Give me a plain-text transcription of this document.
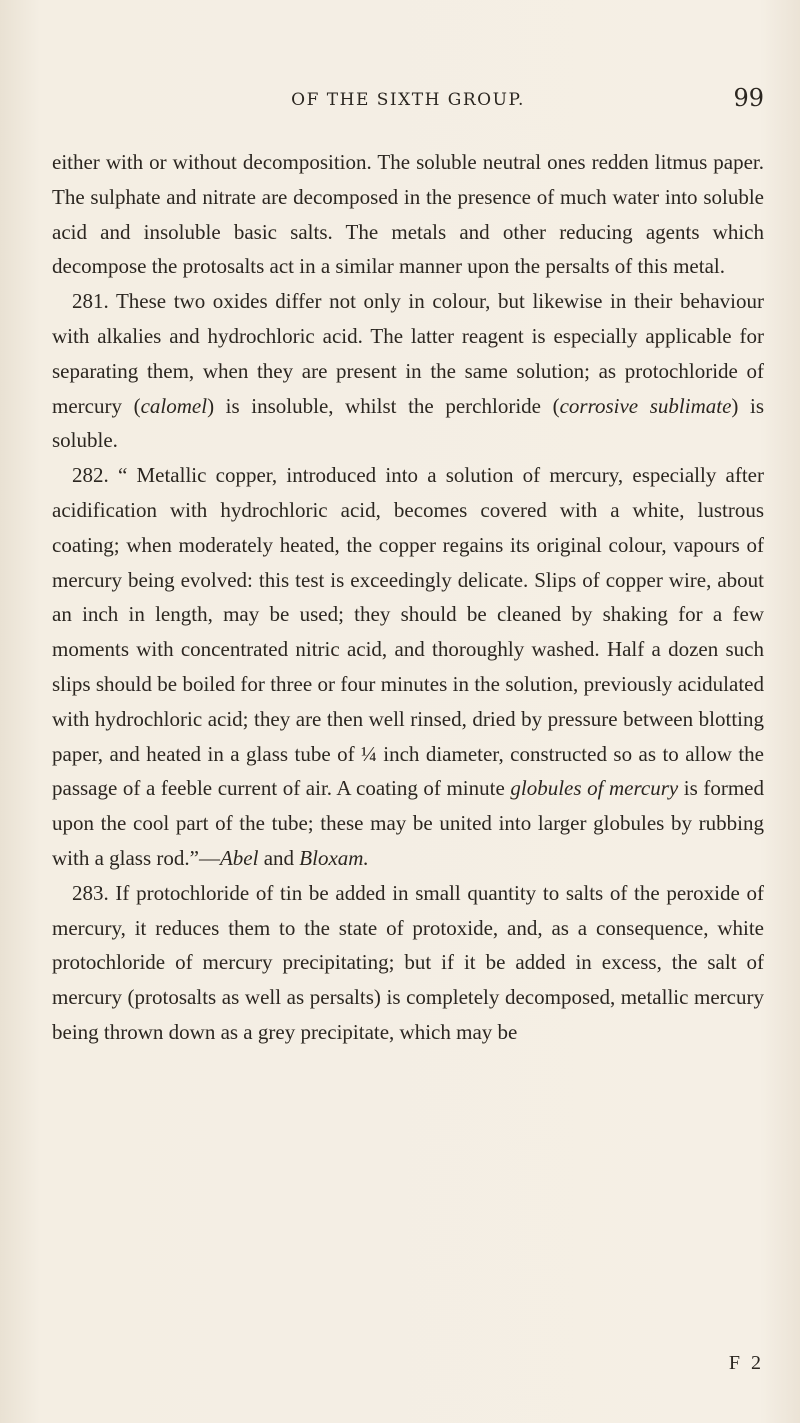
OF THE SIXTH GROUP.	99

either with or without decomposition. The soluble neutral ones redden litmus paper. The sulphate and nitrate are decomposed in the presence of much water into soluble acid and insoluble basic salts. The metals and other reducing agents which decompose the protosalts act in a similar manner upon the persalts of this metal.

281. These two oxides differ not only in colour, but likewise in their behaviour with alkalies and hydrochloric acid. The latter reagent is especially applicable for separating them, when they are present in the same solution; as protochloride of mercury (calomel) is insoluble, whilst the perchloride (corrosive sublimate) is soluble.

282. “ Metallic copper, introduced into a solution of mercury, especially after acidification with hydrochloric acid, becomes covered with a white, lustrous coating; when moderately heated, the copper regains its original colour, vapours of mercury being evolved: this test is exceedingly delicate. Slips of copper wire, about an inch in length, may be used; they should be cleaned by shaking for a few moments with concentrated nitric acid, and thoroughly washed. Half a dozen such slips should be boiled for three or four minutes in the solution, previously acidulated with hydrochloric acid; they are then well rinsed, dried by pressure between blotting paper, and heated in a glass tube of ¼ inch diameter, constructed so as to allow the passage of a feeble current of air. A coating of minute globules of mercury is formed upon the cool part of the tube; these may be united into larger globules by rubbing with a glass rod.”—Abel and Bloxam.

283. If protochloride of tin be added in small quantity to salts of the peroxide of mercury, it reduces them to the state of protoxide, and, as a consequence, white protochloride of mercury precipitating; but if it be added in excess, the salt of mercury (protosalts as well as persalts) is completely decomposed, metallic mercury being thrown down as a grey precipitate, which may be

F 2
